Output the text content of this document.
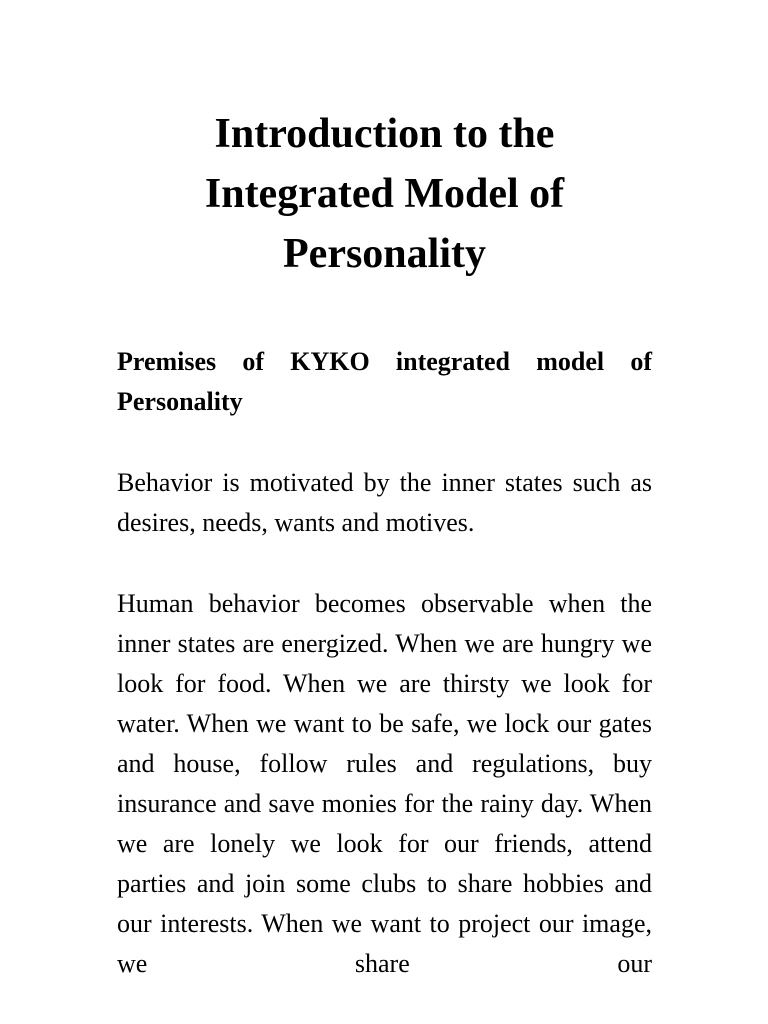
Introduction to the Integrated Model of Personality

Premises of KYKO integrated model of Personality

Behavior is motivated by the inner states such as desires, needs, wants and motives.

Human behavior becomes observable when the inner states are energized. When we are hungry we look for food. When we are thirsty we look for water. When we want to be safe, we lock our gates and house, follow rules and regulations, buy insurance and save monies for the rainy day. When we are lonely we look for our friends, attend parties and join some clubs to share hobbies and our interests. When we want to project our image, we share our
